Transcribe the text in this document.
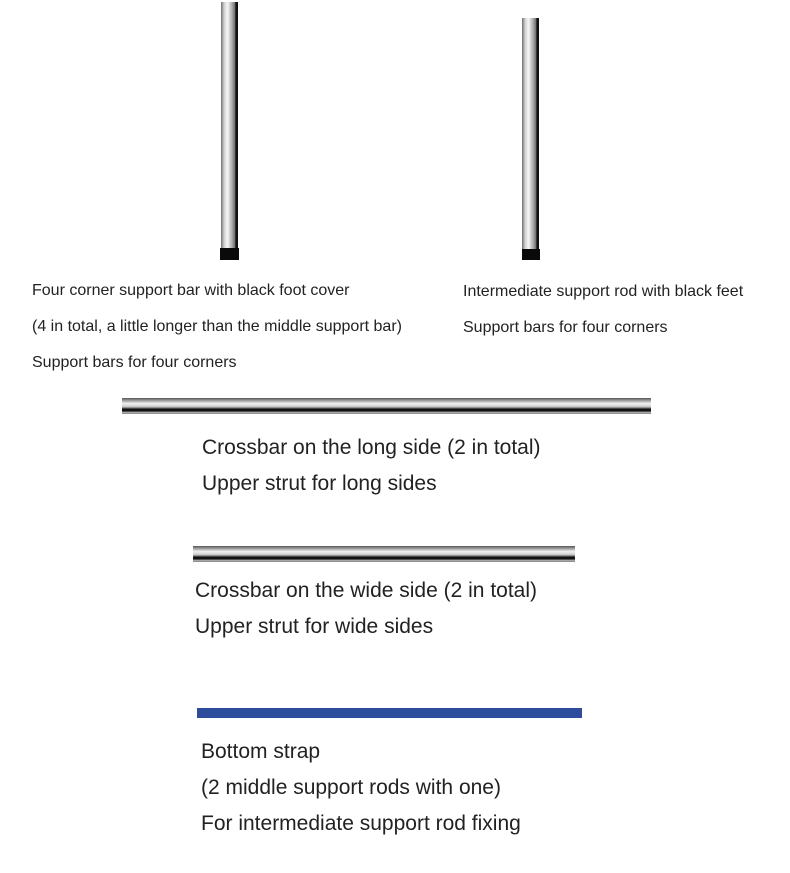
Four corner support bar with black foot cover
(4 in total, a little longer than the middle support bar)
Support bars for four corners
Intermediate support rod with black feet
Support bars for four corners
Crossbar on the long side (2 in total)
Upper strut for long sides
Crossbar on the wide side (2 in total)
Upper strut for wide sides
Bottom strap
(2 middle support rods with one)
For intermediate support rod fixing
